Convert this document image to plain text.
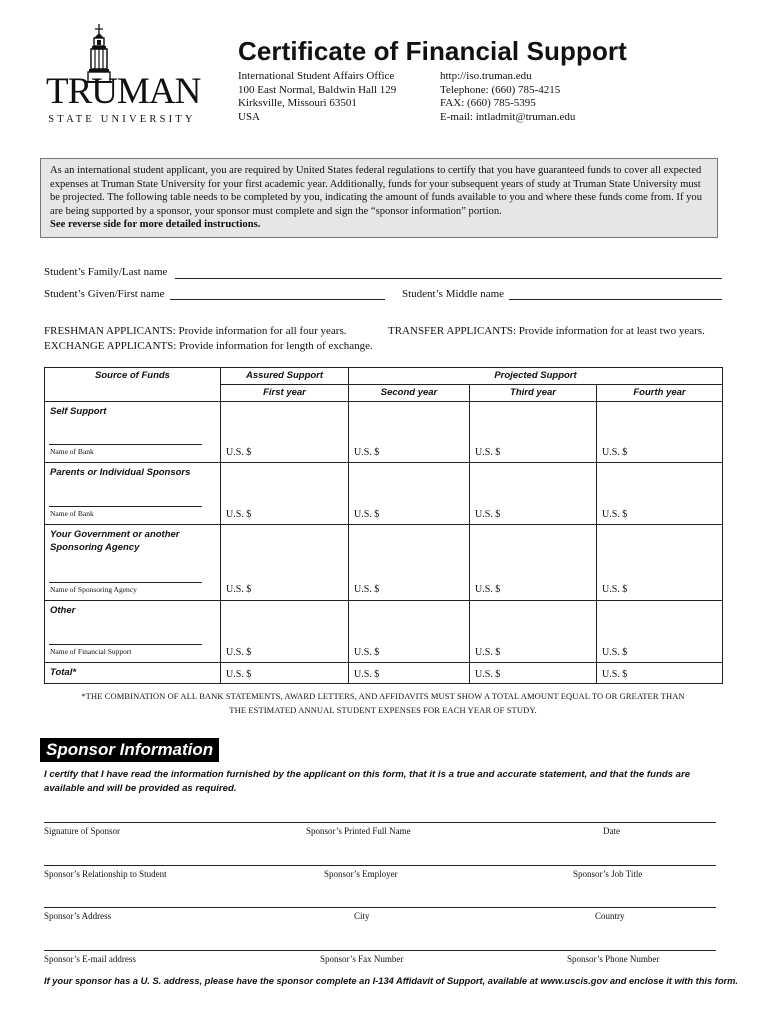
TRUMAN
STATE UNIVERSITY
Certificate of Financial Support
International Student Affairs Office
100 East Normal, Baldwin Hall 129
Kirksville, Missouri 63501
USA
http://iso.truman.edu
Telephone: (660) 785-4215
FAX: (660) 785-5395
E-mail: intladmit@truman.edu
As an international student applicant, you are required by United States federal regulations to certify that you have guaranteed funds to cover all expected expenses at Truman State University for your first academic year. Additionally, funds for your subsequent years of study at Truman State University must be projected. The following table needs to be completed by you, indicating the amount of funds available to you and where these funds come from. If you are being supported by a sponsor, your sponsor must complete and sign the “sponsor information” portion.
See reverse side for more detailed instructions.
Student’s Family/Last name
Student’s Given/First name	Student’s Middle name
FRESHMAN APPLICANTS: Provide information for all four years.	TRANSFER APPLICANTS: Provide information for at least two years.
EXCHANGE APPLICANTS: Provide information for length of exchange.
Source of Funds	Assured Support	Projected Support		
	First year	Second year	Third year	Fourth year

Self Support
Name of Bank	U.S. $	U.S. $	U.S. $	U.S. $

Parents or Individual Sponsors
Name of Bank	U.S. $	U.S. $	U.S. $	U.S. $

Your Government or another Sponsoring Agency
Name of Sponsoring Agency	U.S. $	U.S. $	U.S. $	U.S. $

Other
Name of Financial Support	U.S. $	U.S. $	U.S. $	U.S. $

Total*	U.S. $	U.S. $	U.S. $	U.S. $
*THE COMBINATION OF ALL BANK STATEMENTS, AWARD LETTERS, AND AFFIDAVITS MUST SHOW A TOTAL AMOUNT EQUAL TO OR GREATER THAN
THE ESTIMATED ANNUAL STUDENT EXPENSES FOR EACH YEAR OF STUDY.
Sponsor Information
I certify that I have read the information furnished by the applicant on this form, that it is a true and accurate statement, and that the funds are available and will be provided as required.
Signature of Sponsor	Sponsor’s Printed Full Name	Date
Sponsor’s Relationship to Student	Sponsor’s Employer	Sponsor’s Job Title
Sponsor’s Address	City	Country
Sponsor’s E-mail address	Sponsor’s Fax Number	Sponsor’s Phone Number
If your sponsor has a U. S. address, please have the sponsor complete an I-134 Affidavit of Support, available at www.uscis.gov and enclose it with this form.
